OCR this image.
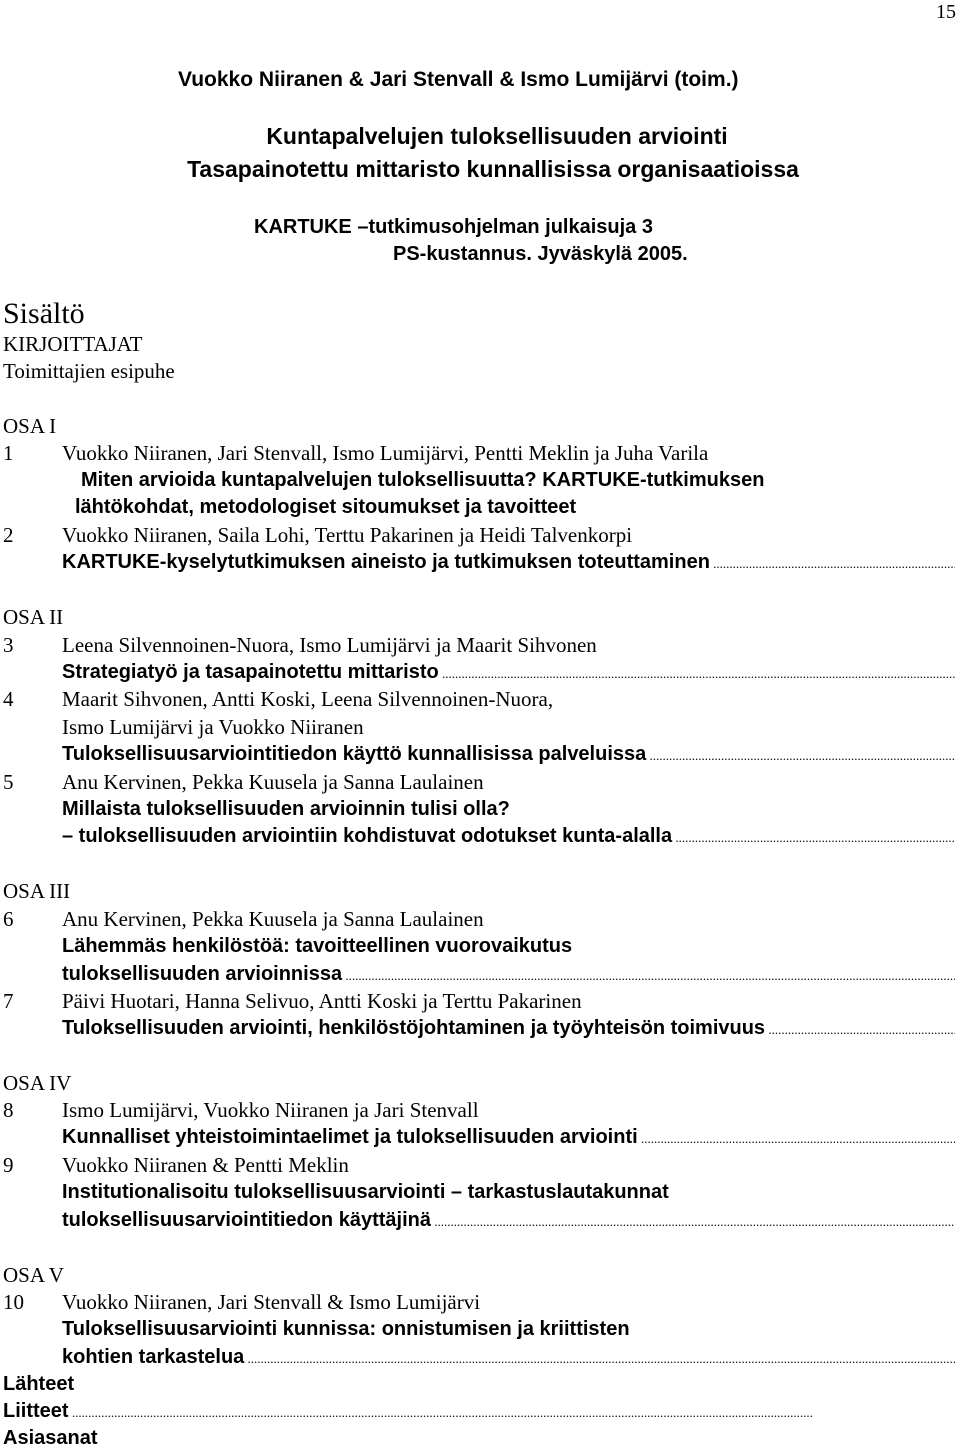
15
Vuokko Niiranen & Jari Stenvall & Ismo Lumijärvi (toim.)
Kuntapalvelujen tuloksellisuuden arviointi
Tasapainotettu mittaristo kunnallisissa organisaatioissa
KARTUKE –tutkimusohjelman julkaisuja 3
PS-kustannus. Jyväskylä 2005.
Sisältö
KIRJOITTAJAT
Toimittajien esipuhe
OSA I
1 Vuokko Niiranen, Jari Stenvall, Ismo Lumijärvi, Pentti Meklin ja Juha Varila
Miten arvioida kuntapalvelujen tuloksellisuutta? KARTUKE-tutkimuksen
lähtökohdat, metodologiset sitoumukset ja tavoitteet
2 Vuokko Niiranen, Saila Lohi, Terttu Pakarinen ja Heidi Talvenkorpi
KARTUKE-kyselytutkimuksen aineisto ja tutkimuksen toteuttaminen .....
OSA II
3 Leena Silvennoinen-Nuora, Ismo Lumijärvi ja Maarit Sihvonen
Strategiatyö ja tasapainotettu mittaristo .....
4 Maarit Sihvonen, Antti Koski, Leena Silvennoinen-Nuora,
Ismo Lumijärvi ja Vuokko Niiranen
Tuloksellisuusarviointitiedon käyttö kunnallisissa palveluissa .....
5 Anu Kervinen, Pekka Kuusela ja Sanna Laulainen
Millaista tuloksellisuuden arvioinnin tulisi olla?
– tuloksellisuuden arviointiin kohdistuvat odotukset kunta-alalla .....
OSA III
6 Anu Kervinen, Pekka Kuusela ja Sanna Laulainen
Lähemmäs henkilöstöä: tavoitteellinen vuorovaikutus
tuloksellisuuden arvioinnissa .....
7 Päivi Huotari, Hanna Selivuo, Antti Koski ja Terttu Pakarinen
Tuloksellisuuden arviointi, henkilöstöjohtaminen ja työyhteisön toimivuus .....
OSA IV
8 Ismo Lumijärvi, Vuokko Niiranen ja Jari Stenvall
Kunnalliset yhteistoimintaelimet ja tuloksellisuuden arviointi .....
9 Vuokko Niiranen & Pentti Meklin
Institutionalisoitu tuloksellisuusarviointi – tarkastuslautakunnat
tuloksellisuusarviointitiedon käyttäjinä .....
OSA V
10 Vuokko Niiranen, Jari Stenvall & Ismo Lumijärvi
Tuloksellisuusarviointi kunnissa: onnistumisen ja kriittisten
kohtien tarkastelua .....
Lähteet
Liitteet .....
Asiasanat
